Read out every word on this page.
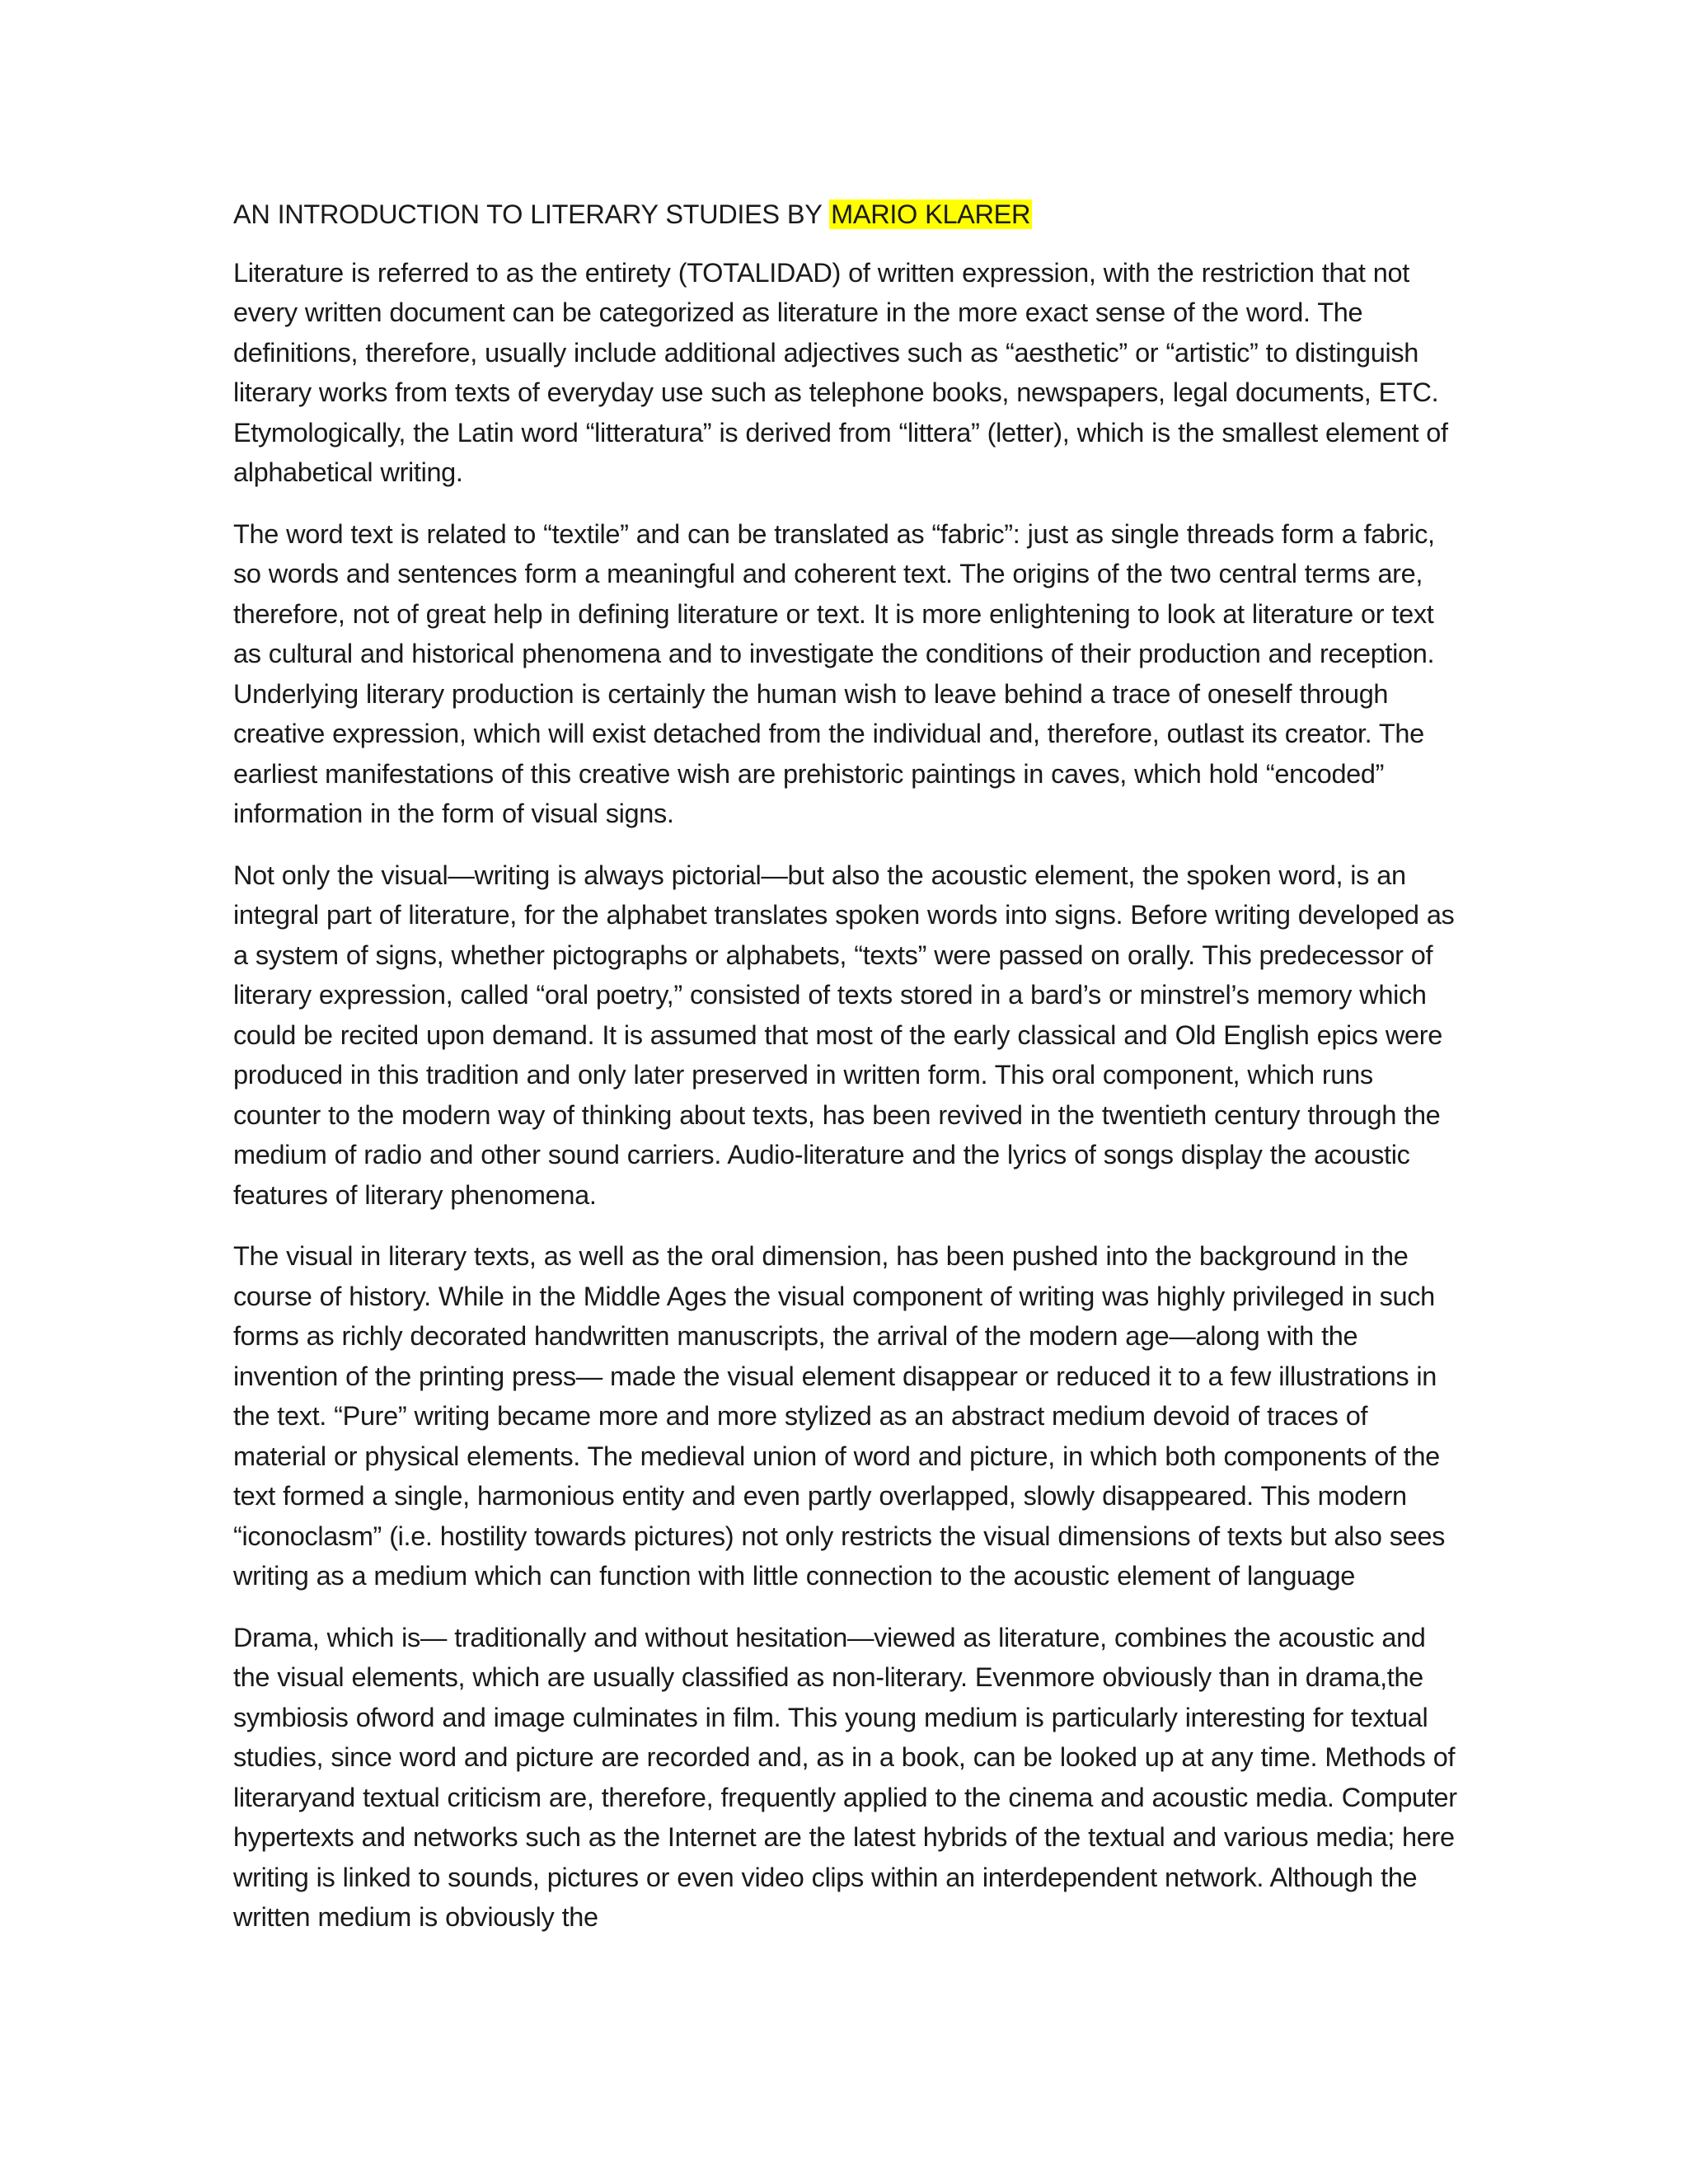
AN INTRODUCTION TO LITERARY STUDIES BY MARIO KLARER

Literature is referred to as the entirety (TOTALIDAD) of written expression, with the restriction that not every written document can be categorized as literature in the more exact sense of the word. The definitions, therefore, usually include additional adjectives such as “aesthetic” or “artistic” to distinguish literary works from texts of everyday use such as telephone books, newspapers, legal documents, ETC. Etymologically, the Latin word “litteratura” is derived from “littera” (letter), which is the smallest element of alphabetical writing.

The word text is related to “textile” and can be translated as “fabric”: just as single threads form a fabric, so words and sentences form a meaningful and coherent text. The origins of the two central terms are, therefore, not of great help in defining literature or text. It is more enlightening to look at literature or text as cultural and historical phenomena and to investigate the conditions of their production and reception. Underlying literary production is certainly the human wish to leave behind a trace of oneself through creative expression, which will exist detached from the individual and, therefore, outlast its creator. The earliest manifestations of this creative wish are prehistoric paintings in caves, which hold “encoded” information in the form of visual signs.

Not only the visual—writing is always pictorial—but also the acoustic element, the spoken word, is an integral part of literature, for the alphabet translates spoken words into signs. Before writing developed as a system of signs, whether pictographs or alphabets, “texts” were passed on orally. This predecessor of literary expression, called “oral poetry,” consisted of texts stored in a bard’s or minstrel’s memory which could be recited upon demand. It is assumed that most of the early classical and Old English epics were produced in this tradition and only later preserved in written form. This oral component, which runs counter to the modern way of thinking about texts, has been revived in the twentieth century through the medium of radio and other sound carriers. Audio-literature and the lyrics of songs display the acoustic features of literary phenomena.

The visual in literary texts, as well as the oral dimension, has been pushed into the background in the course of history. While in the Middle Ages the visual component of writing was highly privileged in such forms as richly decorated handwritten manuscripts, the arrival of the modern age—along with the invention of the printing press— made the visual element disappear or reduced it to a few illustrations in the text. “Pure” writing became more and more stylized as an abstract medium devoid of traces of material or physical elements. The medieval union of word and picture, in which both components of the text formed a single, harmonious entity and even partly overlapped, slowly disappeared. This modern “iconoclasm” (i.e. hostility towards pictures) not only restricts the visual dimensions of texts but also sees writing as a medium which can function with little connection to the acoustic element of language

Drama, which is— traditionally and without hesitation—viewed as literature, combines the acoustic and the visual elements, which are usually classified as non-literary. Evenmore obviously than in drama,the symbiosis ofword and image culminates in film. This young medium is particularly interesting for textual studies, since word and picture are recorded and, as in a book, can be looked up at any time. Methods of literaryand textual criticism are, therefore, frequently applied to the cinema and acoustic media. Computer hypertexts and networks such as the Internet are the latest hybrids of the textual and various media; here writing is linked to sounds, pictures or even video clips within an interdependent network. Although the written medium is obviously the
